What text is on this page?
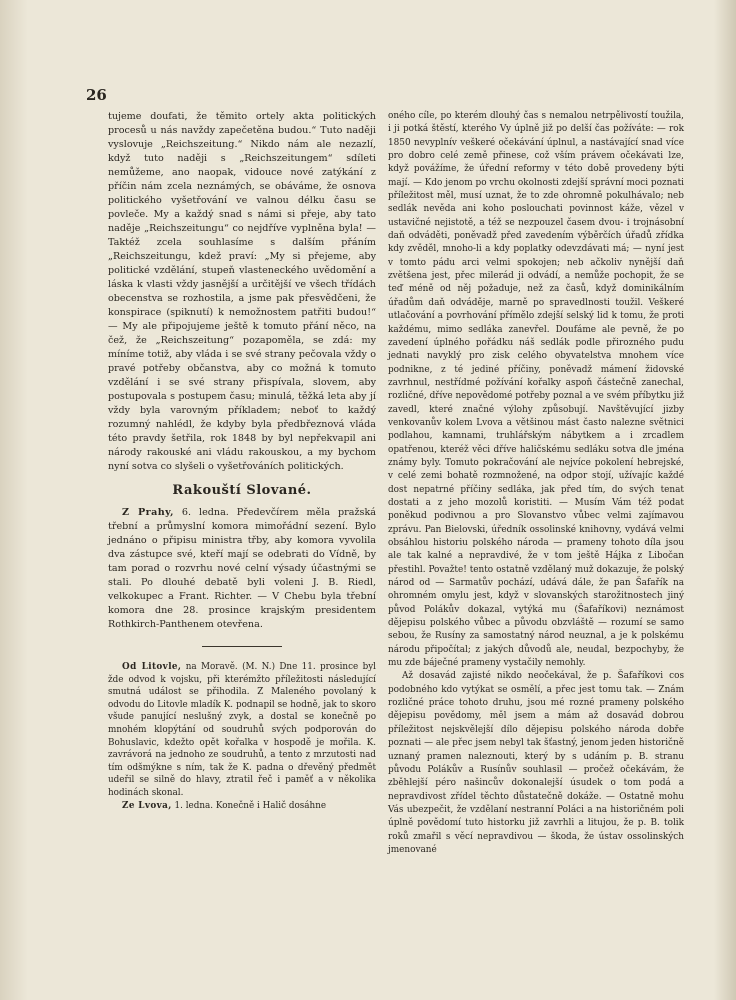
26

tujeme doufati, že těmito ortely akta politických procesů u nás navždy zapečetěna budou.“ Tuto naději vyslovuje „Reichszeitung.“ Nikdo nám ale nezazlí, když tuto naději s „Reichszeitungem“ sdíleti nemůžeme, ano naopak, vidouce nové zatýkání z příčin nám zcela neznámých, se obáváme, že osnova politického vyšetřování ve valnou délku času se povleče. My a každý snad s námi si přeje, aby tato naděje „Reichszeitungu“ co nejdříve vyplněna byla! — Taktéž zcela souhlasíme s dalším přáním „Reichszeitungu, kdež praví: „My si přejeme, aby politické vzdělání, stupeň vlasteneckého uvědomění a láska k vlasti vždy jasnější a určitější ve všech třídách obecenstva se rozhostila, a jsme pak přesvědčeni, že konspirace (spiknutí) k nemožnostem patřiti budou!“ — My ale připojujeme ještě k tomuto přání něco, na čež, že „Reichszeitung“ pozapoměla, se zdá: my míníme totiž, aby vláda i se své strany pečovala vždy o pravé potřeby občanstva, aby co možná k tomuto vzdělání i se své strany přispívala, slovem, aby postupovala s postupem času; minulá, těžká leta aby jí vždy byla varovným příkladem; neboť to každý rozumný nahlédl, že kdyby byla předbřeznová vláda této pravdy šetřila, rok 1848 by byl nepřekvapil ani národy rakouské ani vládu rakouskou, a my bychom nyní sotva co slyšeli o vyšetřováních politických.

Rakouští Slované.

Z Prahy, 6. ledna. Předevčírem měla pražská třební a průmyslní komora mimořádní sezení. Bylo jednáno o připisu ministra třby, aby komora vyvolila dva zástupce své, kteří mají se odebrati do Vídně, by tam porad o rozvrhu nové celní výsady účastnými se stali. Po dlouhé debatě byli voleni J. B. Riedl, velkokupec a Frant. Richter. — V Chebu byla třební komora dne 28. prosince krajským presidentem Rothkirch-Panthenem otevřena.

Od Litovle, na Moravě. (M. N.) Dne 11. prosince byl žde odvod k vojsku, při kterémžto příležitosti následující smutná událost se přihodila. Z Maleného povolaný k odvodu do Litovle mladík K. podnapil se hodně, jak to skoro všude panující neslušný zvyk, a dostal se konečně po mnohém klopýtání od soudruhů svých podporován do Bohuslavic, kdežto opět kořalka v hospodě je mořila. K. zavrávorá na jednoho ze soudruhů, a tento z mrzutosti nad tím odšmýkne s ním, tak že K. padna o dřevěný předmět udeřil se silně do hlavy, ztratil řeč i paměť a v několika hodinách skonal.

Ze Lvova, 1. ledna. Konečně i Halič dosáhne

oného cíle, po kterém dlouhý čas s nemalou netrpělivostí toužila, i ji potká štěstí, kterého Vy úplně již po delší čas požíváte: — rok 1850 nevyplnív veškeré očekávání úplnul, a nastávající snad více pro dobro celé země přinese, což vším právem očekávati lze, když povážíme, že úřední reformy v této době provedeny býti mají. — Kdo jenom po vrchu okolnosti zdejší správní moci poznati příležitost měl, musí uznat, že to zde ohromně pokulhávalo; neb sedlák nevěda ani koho poslouchati povinnost káže, vězel v ustavičné nejistotě, a též se nezpouzel časem dvou- i trojnásobní daň odváděti, poněvadž před zavedením výběrčích úřadů zřídka kdy zvěděl, mnoho-li a kdy poplatky odevzdávati má; — nyní jest v tomto pádu arci velmi spokojen; neb ačkoliv nynější daň zvětšena jest, přec milerád ji odvádí, a nemůže pochopit, že se teď méně od něj požaduje, než za časů, když dominikálním úřadům daň odváděje, marně po spravedlnosti toužil. Veškeré utlačování a povrhování přímělo zdejší selský lid k tomu, že proti každému, mimo sedláka zanevřel. Doufáme ale pevně, že po zavedení úplného pořádku náš sedlák podle přirozného pudu jednati navyklý pro zisk celého obyvatelstva mnohem více podnikne, z té jediné příčiny, poněvadž mámení židovské zavrhnul, nestřídmé požívání kořalky aspoň částečně zanechal, rozličné, dříve nepovědomé potřeby poznal a ve svém příbytku již zavedl, které značné výlohy způsobují. Navštěvující jizby venkovanův kolem Lvova a většinou mást často nalezne světnici podlahou, kamnami, truhlářským nábytkem a i zrcadlem opatřenou, kteréž věci dříve haličskému sedláku sotva dle jména známy byly. Tomuto pokračování ale nejvíce pokolení hebrejské, v celé zemi bohatě rozmnožené, na odpor stojí, užívajíc každé dost nepatrné příčiny sedláka, jak před tím, do svých tenat dostati a z jeho mozolů koristiti. — Musím Vám též podat poněkud podivnou a pro Slovanstvo vůbec velmi zajímavou zprávu. Pan Bielovski, úředník ossolinské knihovny, vydává velmi obsáhlou historiu polského národa — prameny tohoto díla jsou ale tak kalné a nepravdivé, že v tom ještě Hájka z Libočan přestihl. Považte! tento ostatně vzdělaný muž dokazuje, že polský národ od — Sarmatův pochází, udává dále, že pan Šafařík na ohromném omylu jest, když v slovanských starožitnostech jiný původ Polákův dokazal, vytýká mu (Šafaříkovi) neznámost dějepisu polského vůbec a původu obzvláště — rozumí se samo sebou, že Rusíny za samostatný národ neuznal, a je k polskému národu připočítal; z jakých důvodů ale, neudal, bezpochyby, že mu zde báječné prameny vystačily nemohly.

Až dosavád zajisté nikdo neočekával, že p. Šafaříkovi cos podobného kdo vytýkat se osmělí, a přec jest tomu tak. — Znám rozličné práce tohoto druhu, jsou mé rozné prameny polského dějepisu povědomy, měl jsem a mám až dosavád dobrou příležitost nejskvělejší dílo dějepisu polského národa dobře poznati — ale přec jsem nebyl tak šťastný, jenom jeden historičně uznaný pramen naleznouti, který by s udáním p. B. stranu původu Polákův a Rusínův souhlasil — pročež očekávám, že zběhlejší péro našincův dokonalejší úsudek o tom podá a nepravdivost zřídel těchto důstatečně dokáže. — Ostatně mohu Vás ubezpečit, že vzdělaní nestranní Poláci a na historičném poli úplně povědomí tuto historku již zavrhli a litujou, že p. B. tolik roků zmařil s věcí nepravdivou — škoda, že ústav ossolinských jmenované
